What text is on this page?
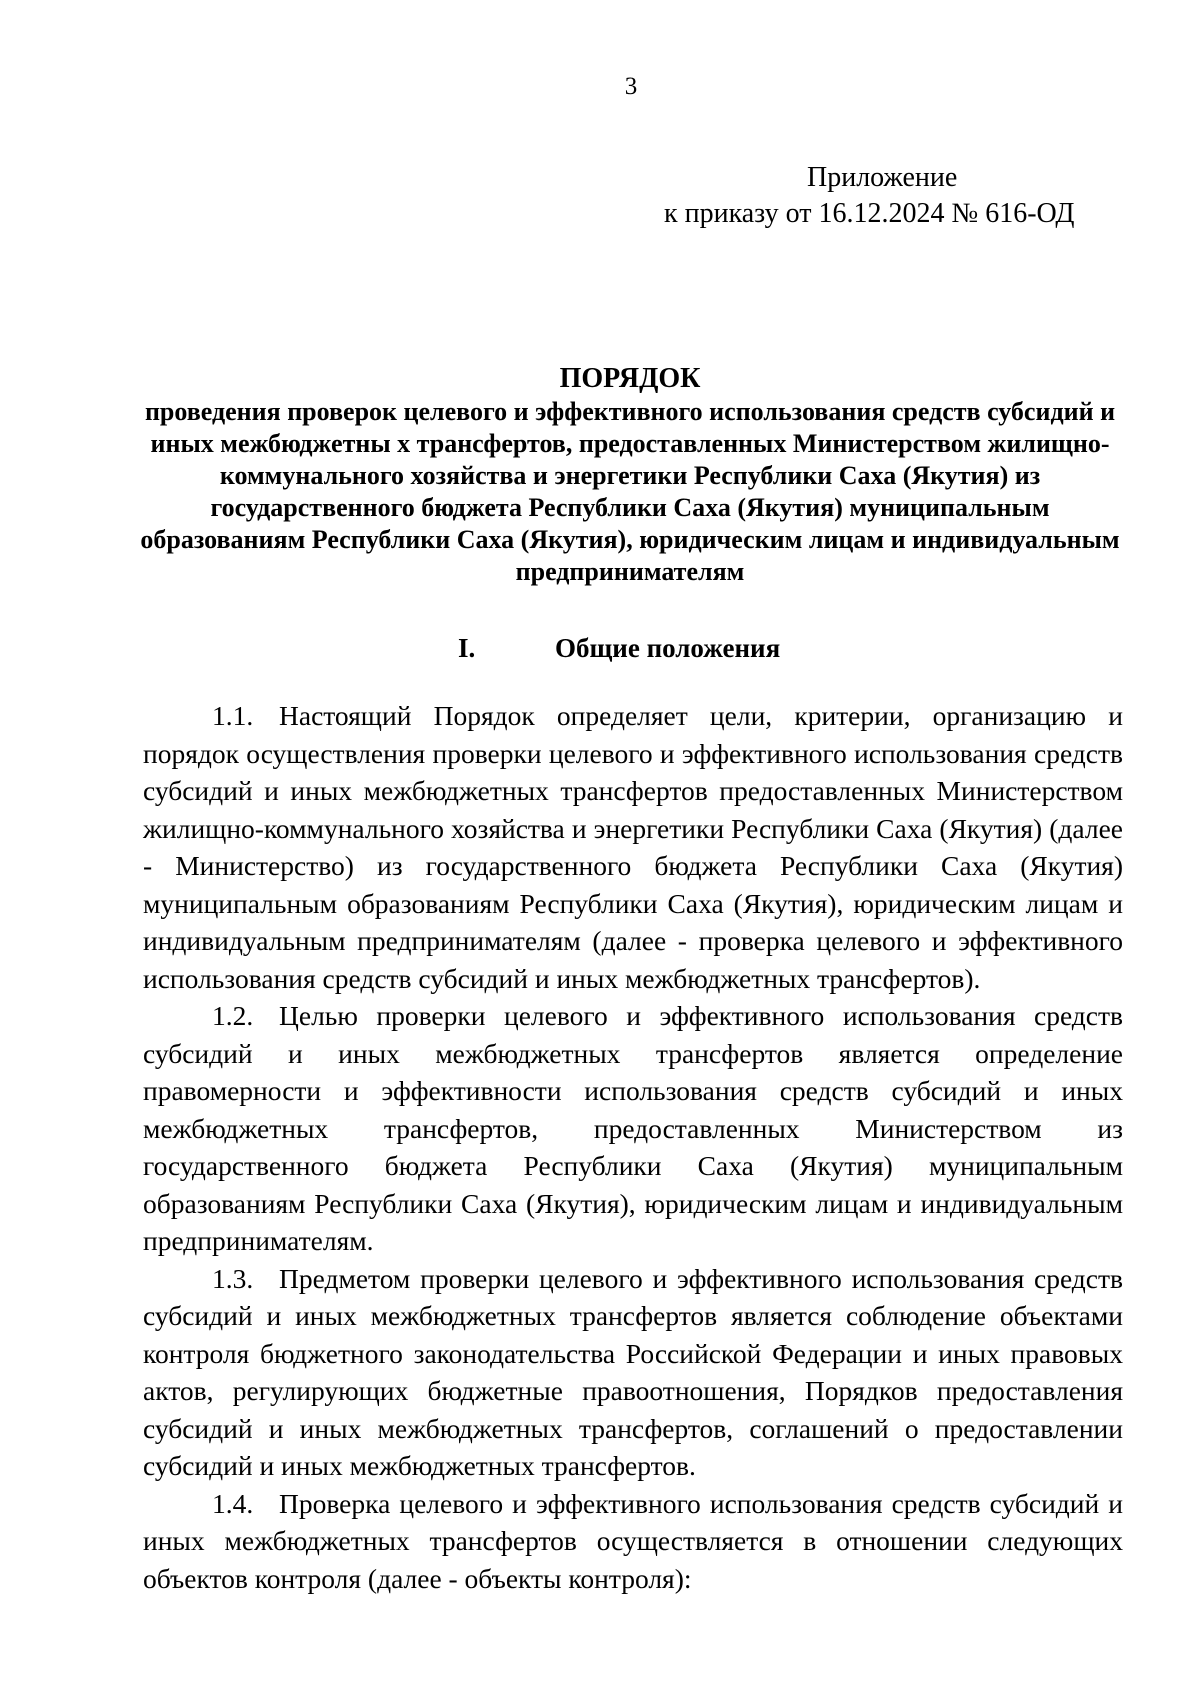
3
Приложение
к приказу от 16.12.2024 № 616-ОД

ПОРЯДОК

проведения проверок целевого и эффективного использования средств субсидий и иных межбюджетны х трансфертов, предоставленных Министерством жилищно-коммунального хозяйства и энергетики Республики Саха (Якутия) из государственного бюджета Республики Саха (Якутия) муниципальным образованиям Республики Саха (Якутия), юридическим лицам и индивидуальным предпринимателям

I.	Общие положения

1.1. Настоящий Порядок определяет цели, критерии, организацию и порядок осуществления проверки целевого и эффективного использования средств субсидий и иных межбюджетных трансфертов предоставленных Министерством жилищно-коммунального хозяйства и энергетики Республики Саха (Якутия) (далее - Министерство) из государственного бюджета Республики Саха (Якутия) муниципальным образованиям Республики Саха (Якутия), юридическим лицам и индивидуальным предпринимателям (далее - проверка целевого и эффективного использования средств субсидий и иных межбюджетных трансфертов).

1.2. Целью проверки целевого и эффективного использования средств субсидий и иных межбюджетных трансфертов является определение правомерности и эффективности использования средств субсидий и иных межбюджетных трансфертов, предоставленных Министерством из государственного бюджета Республики Саха (Якутия) муниципальным образованиям Республики Саха (Якутия), юридическим лицам и индивидуальным предпринимателям.

1.3. Предметом проверки целевого и эффективного использования средств субсидий и иных межбюджетных трансфертов является соблюдение объектами контроля бюджетного законодательства Российской Федерации и иных правовых актов, регулирующих бюджетные правоотношения, Порядков предоставления субсидий и иных межбюджетных трансфертов, соглашений о предоставлении субсидий и иных межбюджетных трансфертов.

1.4. Проверка целевого и эффективного использования средств субсидий и иных межбюджетных трансфертов осуществляется в отношении следующих объектов контроля (далее - объекты контроля):
